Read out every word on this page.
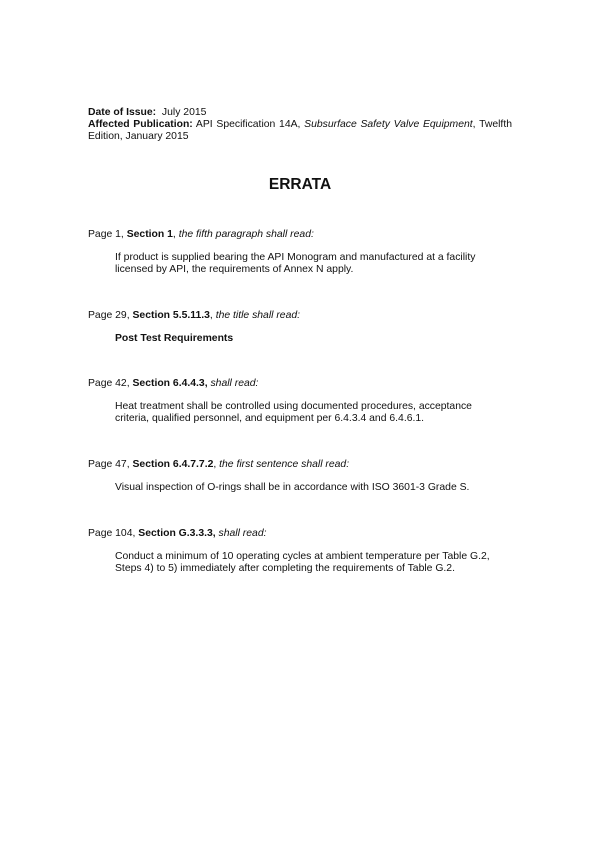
Date of Issue: July 2015
Affected Publication: API Specification 14A, Subsurface Safety Valve Equipment, Twelfth Edition, January 2015
ERRATA
Page 1, Section 1, the fifth paragraph shall read:
If product is supplied bearing the API Monogram and manufactured at a facility licensed by API, the requirements of Annex N apply.
Page 29, Section 5.5.11.3, the title shall read:
Post Test Requirements
Page 42, Section 6.4.4.3, shall read:
Heat treatment shall be controlled using documented procedures, acceptance criteria, qualified personnel, and equipment per 6.4.3.4 and 6.4.6.1.
Page 47, Section 6.4.7.7.2, the first sentence shall read:
Visual inspection of O-rings shall be in accordance with ISO 3601-3 Grade S.
Page 104, Section G.3.3.3, shall read:
Conduct a minimum of 10 operating cycles at ambient temperature per Table G.2, Steps 4) to 5) immediately after completing the requirements of Table G.2.
